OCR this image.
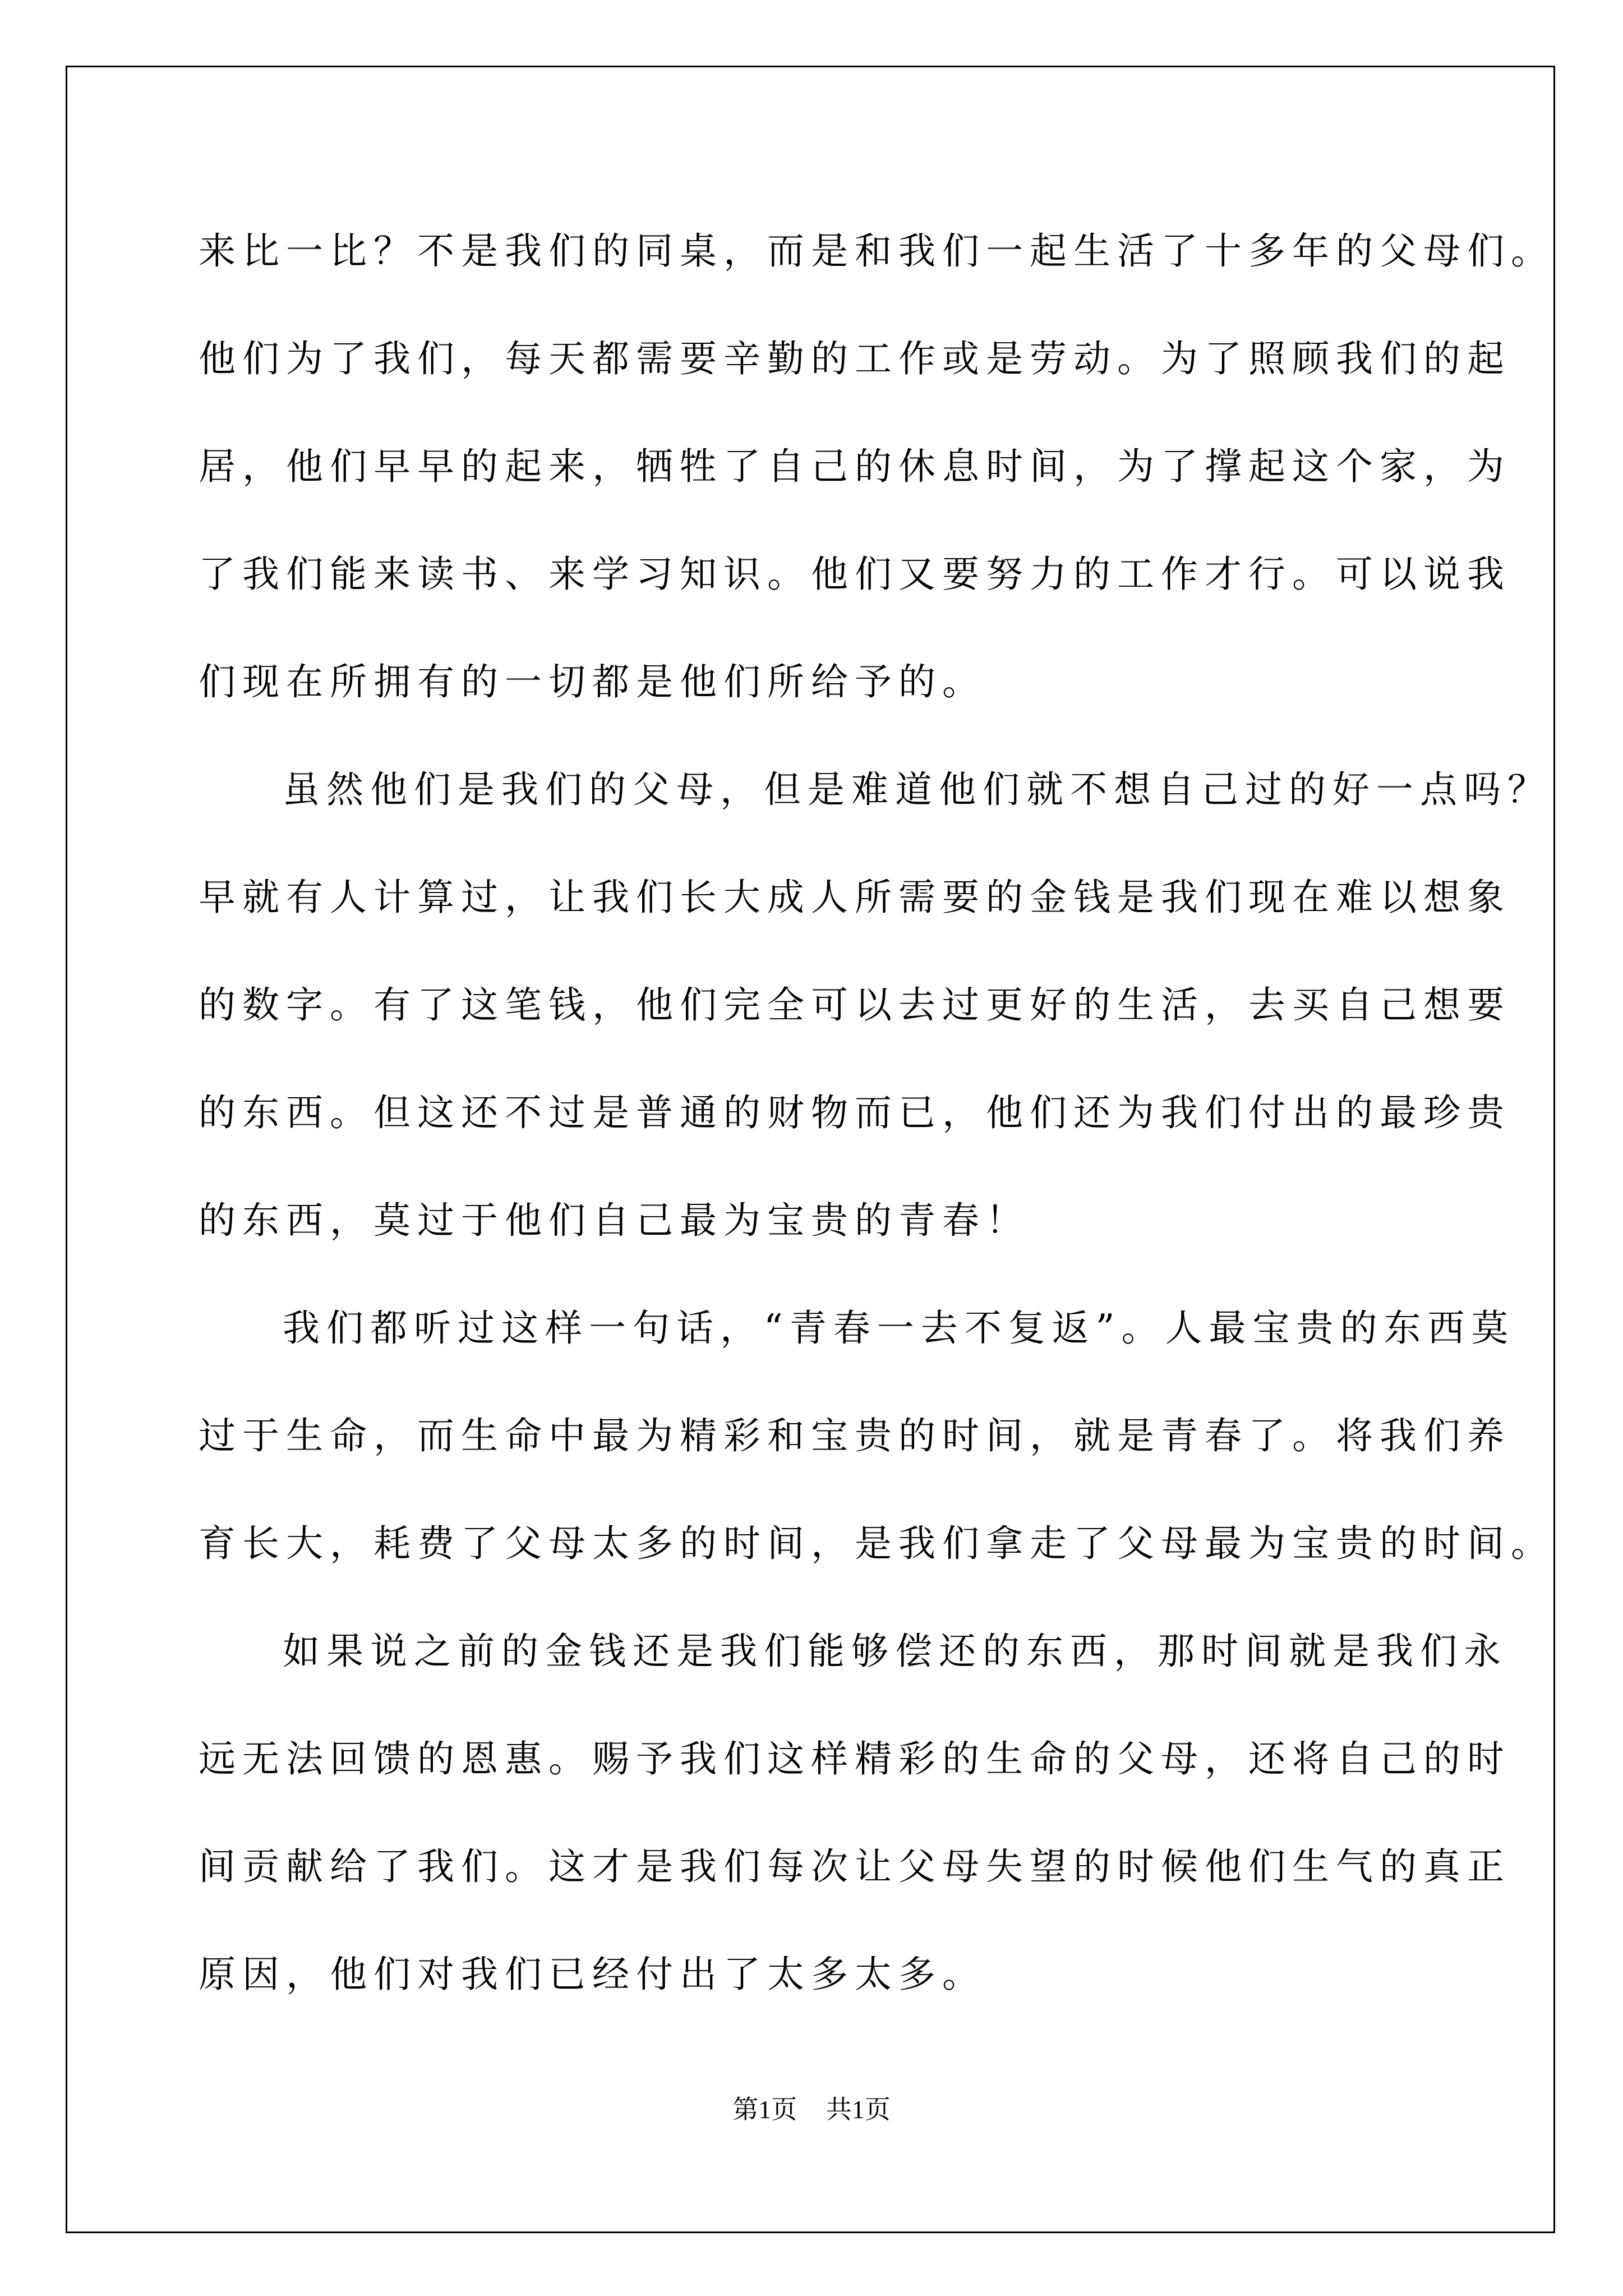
来比一比？不是我们的同桌，而是和我们一起生活了十多年的父母们。
他们为了我们，每天都需要辛勤的工作或是劳动。为了照顾我们的起
居，他们早早的起来，牺牲了自己的休息时间，为了撑起这个家，为
了我们能来读书、来学习知识。他们又要努力的工作才行。可以说我
们现在所拥有的一切都是他们所给予的。
虽然他们是我们的父母，但是难道他们就不想自己过的好一点吗？
早就有人计算过，让我们长大成人所需要的金钱是我们现在难以想象
的数字。有了这笔钱，他们完全可以去过更好的生活，去买自己想要
的东西。但这还不过是普通的财物而已，他们还为我们付出的最珍贵
的东西，莫过于他们自己最为宝贵的青春！
我们都听过这样一句话，“青春一去不复返”。人最宝贵的东西莫
过于生命，而生命中最为精彩和宝贵的时间，就是青春了。将我们养
育长大，耗费了父母太多的时间，是我们拿走了父母最为宝贵的时间。
如果说之前的金钱还是我们能够偿还的东西，那时间就是我们永
远无法回馈的恩惠。赐予我们这样精彩的生命的父母，还将自己的时
间贡献给了我们。这才是我们每次让父母失望的时候他们生气的真正
原因，他们对我们已经付出了太多太多。
第1页 共1页
